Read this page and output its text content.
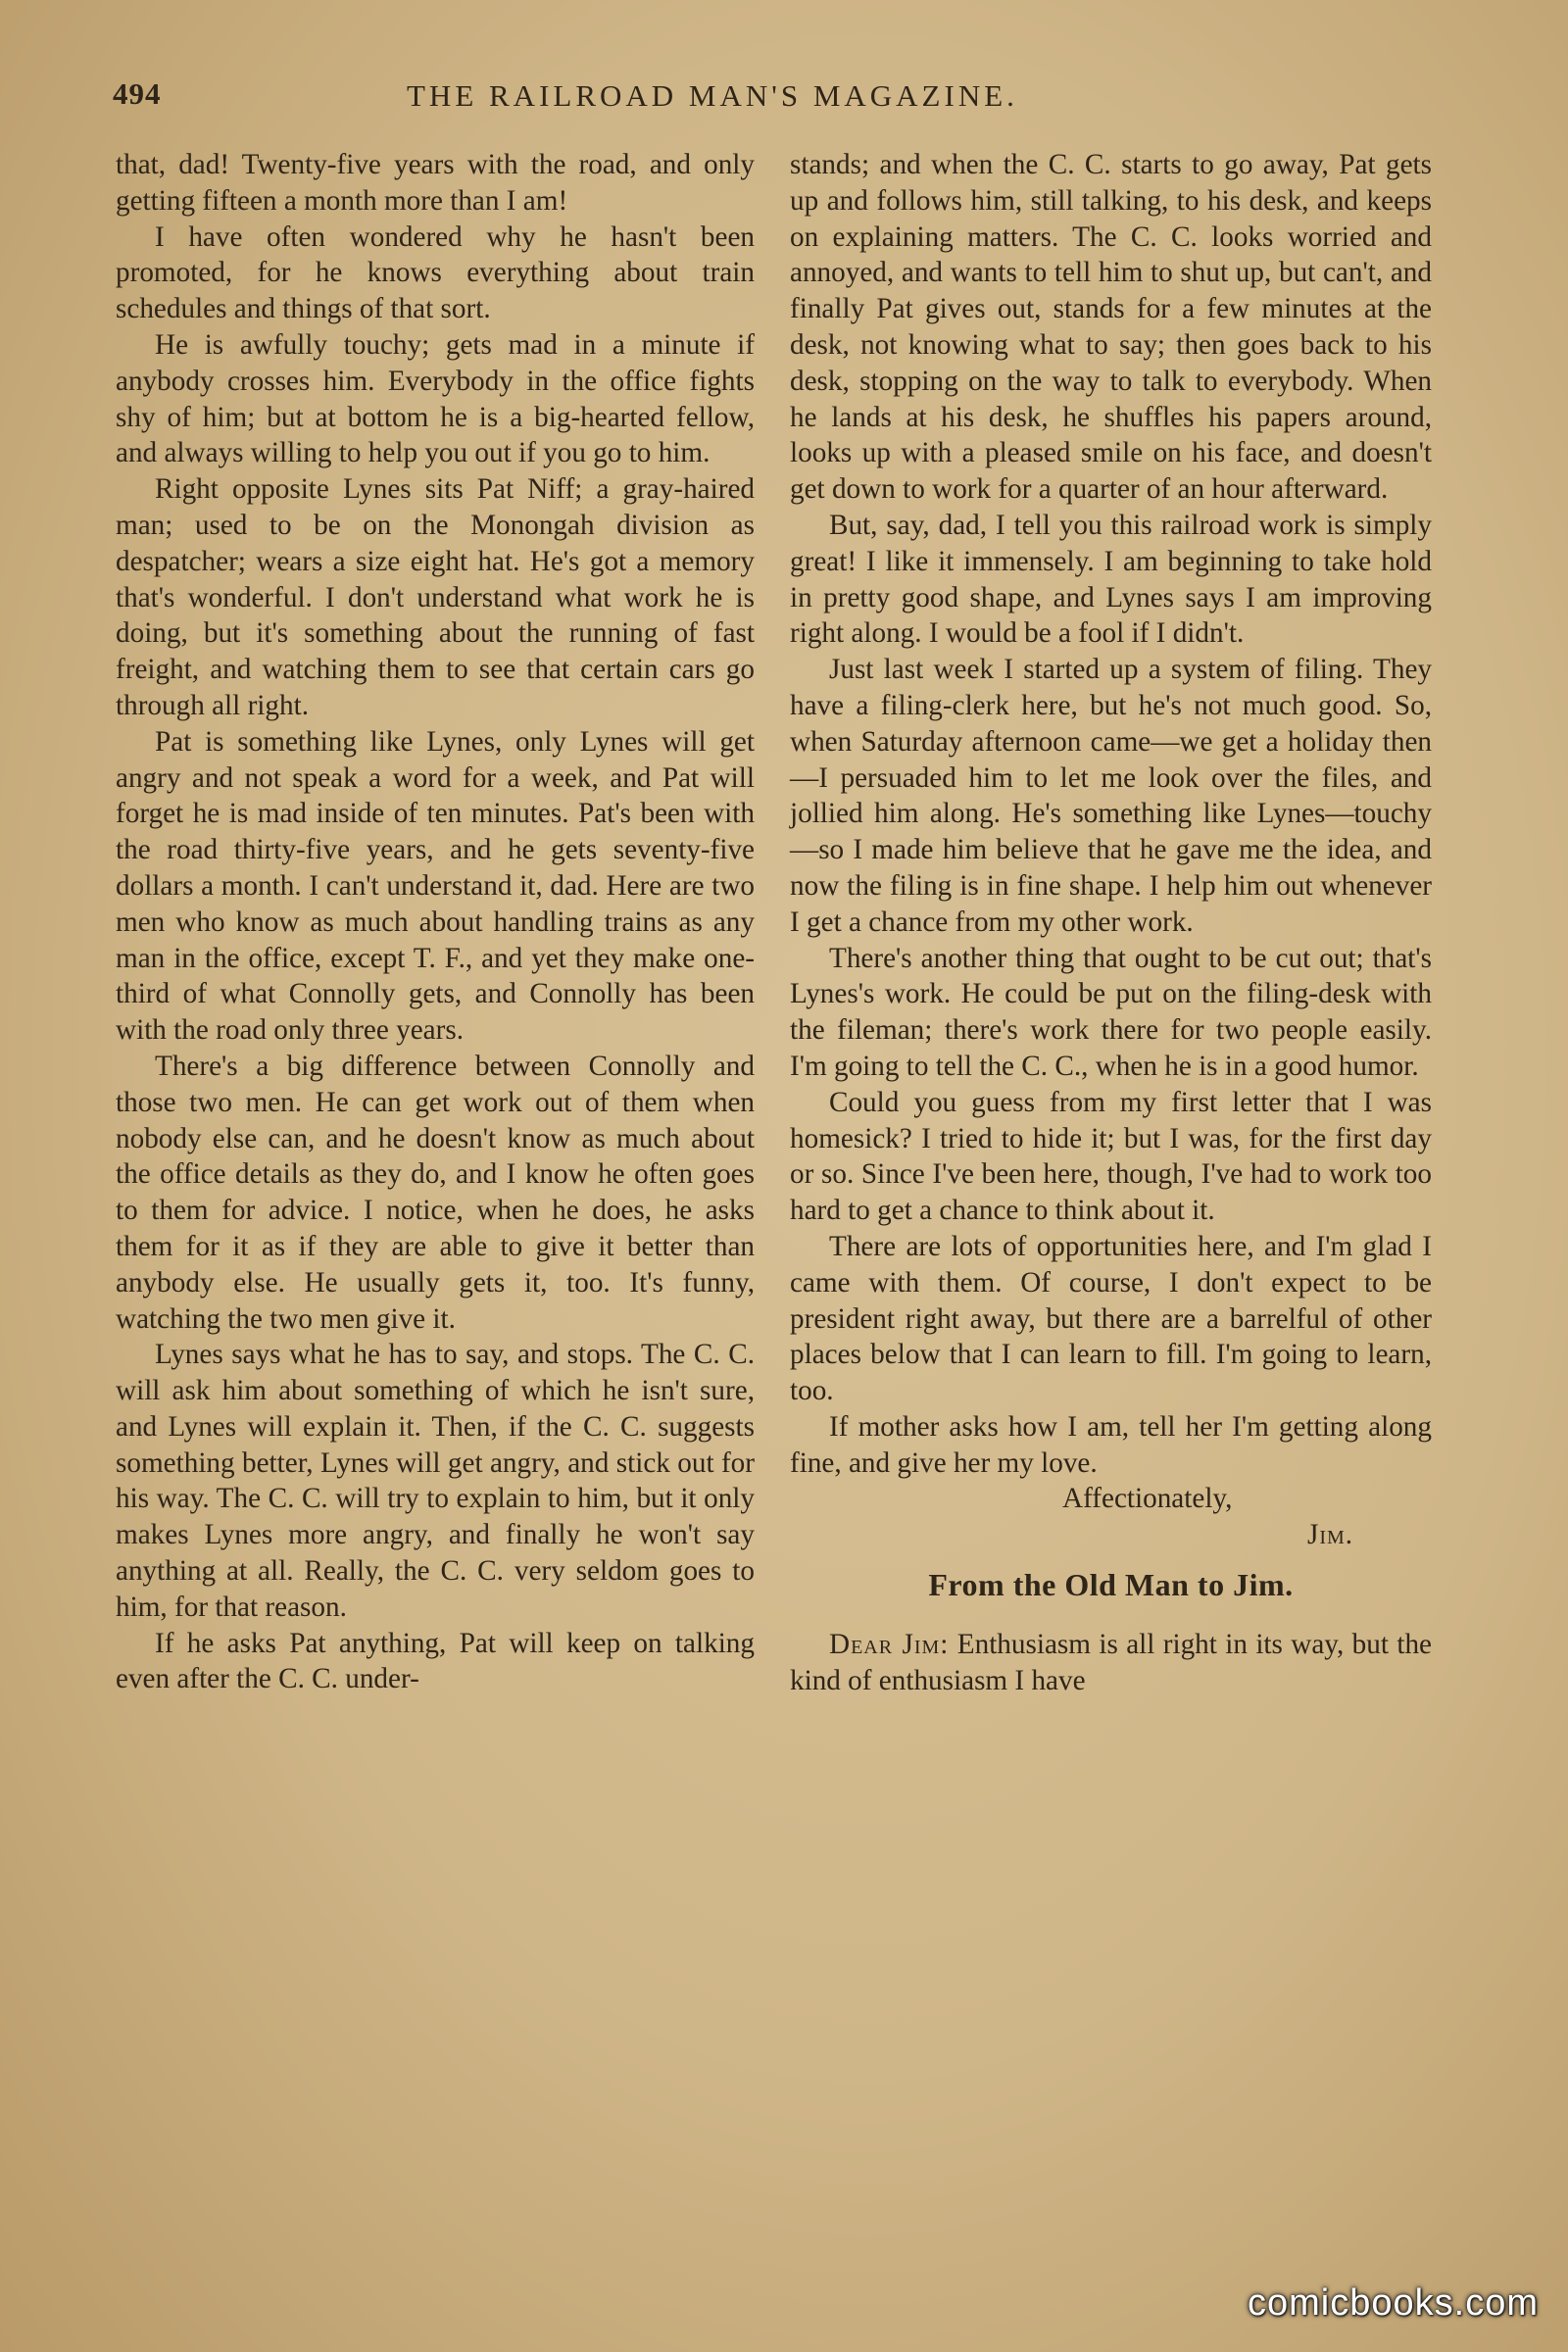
494	THE RAILROAD MAN'S MAGAZINE.

that, dad! Twenty-five years with the road, and only getting fifteen a month more than I am!

I have often wondered why he hasn't been promoted, for he knows everything about train schedules and things of that sort.

He is awfully touchy; gets mad in a minute if anybody crosses him. Everybody in the office fights shy of him; but at bottom he is a big-hearted fellow, and always willing to help you out if you go to him.

Right opposite Lynes sits Pat Niff; a gray-haired man; used to be on the Monongah division as despatcher; wears a size eight hat. He's got a memory that's wonderful. I don't understand what work he is doing, but it's something about the running of fast freight, and watching them to see that certain cars go through all right.

Pat is something like Lynes, only Lynes will get angry and not speak a word for a week, and Pat will forget he is mad inside of ten minutes. Pat's been with the road thirty-five years, and he gets seventy-five dollars a month. I can't understand it, dad. Here are two men who know as much about handling trains as any man in the office, except T. F., and yet they make one-third of what Connolly gets, and Connolly has been with the road only three years.

There's a big difference between Connolly and those two men. He can get work out of them when nobody else can, and he doesn't know as much about the office details as they do, and I know he often goes to them for advice. I notice, when he does, he asks them for it as if they are able to give it better than anybody else. He usually gets it, too. It's funny, watching the two men give it.

Lynes says what he has to say, and stops. The C. C. will ask him about something of which he isn't sure, and Lynes will explain it. Then, if the C. C. suggests something better, Lynes will get angry, and stick out for his way. The C. C. will try to explain to him, but it only makes Lynes more angry, and finally he won't say anything at all. Really, the C. C. very seldom goes to him, for that reason.

If he asks Pat anything, Pat will keep on talking even after the C. C. under-

stands; and when the C. C. starts to go away, Pat gets up and follows him, still talking, to his desk, and keeps on explaining matters. The C. C. looks worried and annoyed, and wants to tell him to shut up, but can't, and finally Pat gives out, stands for a few minutes at the desk, not knowing what to say; then goes back to his desk, stopping on the way to talk to everybody. When he lands at his desk, he shuffles his papers around, looks up with a pleased smile on his face, and doesn't get down to work for a quarter of an hour afterward.

But, say, dad, I tell you this railroad work is simply great! I like it immensely. I am beginning to take hold in pretty good shape, and Lynes says I am improving right along. I would be a fool if I didn't.

Just last week I started up a system of filing. They have a filing-clerk here, but he's not much good. So, when Saturday afternoon came—we get a holiday then—I persuaded him to let me look over the files, and jollied him along. He's something like Lynes—touchy—so I made him believe that he gave me the idea, and now the filing is in fine shape. I help him out whenever I get a chance from my other work.

There's another thing that ought to be cut out; that's Lynes's work. He could be put on the filing-desk with the fileman; there's work there for two people easily. I'm going to tell the C. C., when he is in a good humor.

Could you guess from my first letter that I was homesick? I tried to hide it; but I was, for the first day or so. Since I've been here, though, I've had to work too hard to get a chance to think about it.

There are lots of opportunities here, and I'm glad I came with them. Of course, I don't expect to be president right away, but there are a barrelful of other places below that I can learn to fill. I'm going to learn, too.

If mother asks how I am, tell her I'm getting along fine, and give her my love.

Affectionately,

Jim.

From the Old Man to Jim.

Dear Jim: Enthusiasm is all right in its way, but the kind of enthusiasm I have

comicbooks.com
